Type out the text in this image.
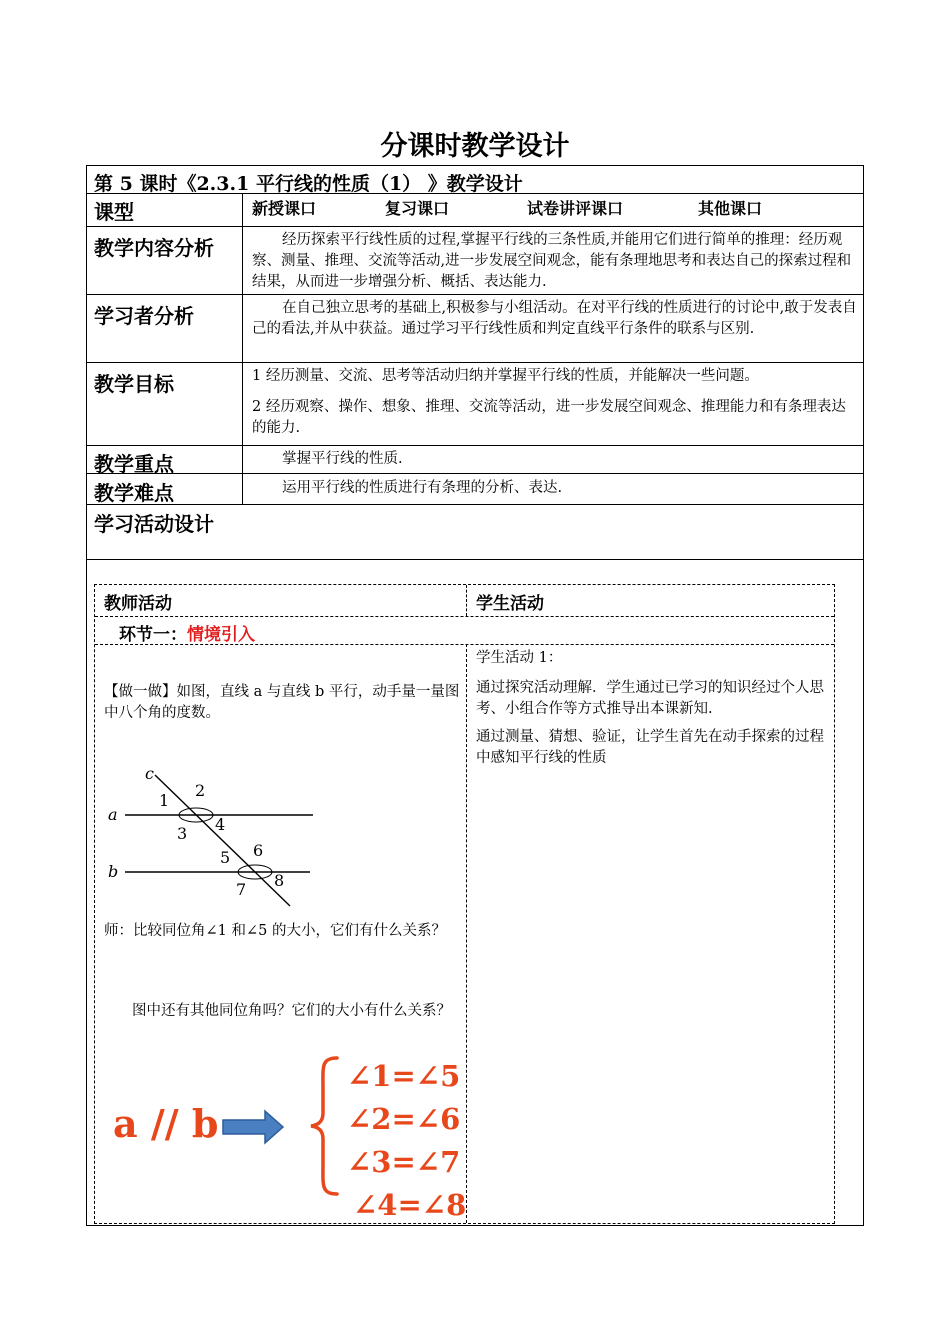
分课时教学设计
第 5 课时《2.3.1 平行线的性质（1） 》教学设计
课型	新授课口	复习课口	试卷讲评课口	其他课口
教学内容分析	经历探索平行线性质的过程,掌握平行线的三条性质,并能用它们进行简单的推理：经历观察、测量、推理、交流等活动,进一步发展空间观念，能有条理地思考和表达自己的探索过程和结果，从而进一步增强分析、概括、表达能力.
学习者分析	在自己独立思考的基础上,积极参与小组活动。在对平行线的性质进行的讨论中,敢于发表自己的看法,并从中获益。通过学习平行线性质和判定直线平行条件的联系与区别.
教学目标	1 经历测量、交流、思考等活动归纳并掌握平行线的性质，并能解决一些问题。
2 经历观察、操作、想象、推理、交流等活动，进一步发展空间观念、推理能力和有条理表达的能力.
教学重点	掌握平行线的性质.
教学难点	运用平行线的性质进行有条理的分析、表达.
学习活动设计
教师活动	学生活动
环节一：情境引入
【做一做】如图，直线 a 与直线 b 平行，动手量一量图中八个角的度数。
c
a
b
1
2
3 4
5 6
7 8
师：比较同位角∠1 和∠5 的大小，它们有什么关系？
图中还有其他同位角吗？它们的大小有什么关系？
a // b
∠1=∠5
∠2=∠6
∠3=∠7
∠4=∠8
学生活动 1：
通过探究活动理解．学生通过已学习的知识经过个人思考、小组合作等方式推导出本课新知.
通过测量、猜想、验证，让学生首先在动手探索的过程中感知平行线的性质
